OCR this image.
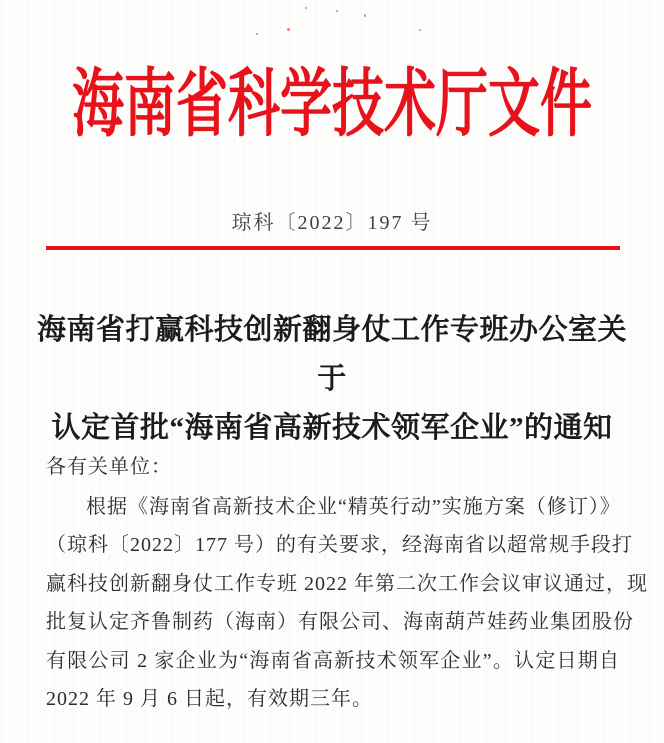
海南省科学技术厅文件
琼科〔2022〕197 号
海南省打赢科技创新翻身仗工作专班办公室关于
认定首批“海南省高新技术领军企业”的通知
各有关单位：
根据《海南省高新技术企业“精英行动”实施方案（修订）》
（琼科〔2022〕177 号）的有关要求，经海南省以超常规手段打
赢科技创新翻身仗工作专班 2022 年第二次工作会议审议通过，现
批复认定齐鲁制药（海南）有限公司、海南葫芦娃药业集团股份
有限公司 2 家企业为“海南省高新技术领军企业”。认定日期自
2022 年 9 月 6 日起，有效期三年。
